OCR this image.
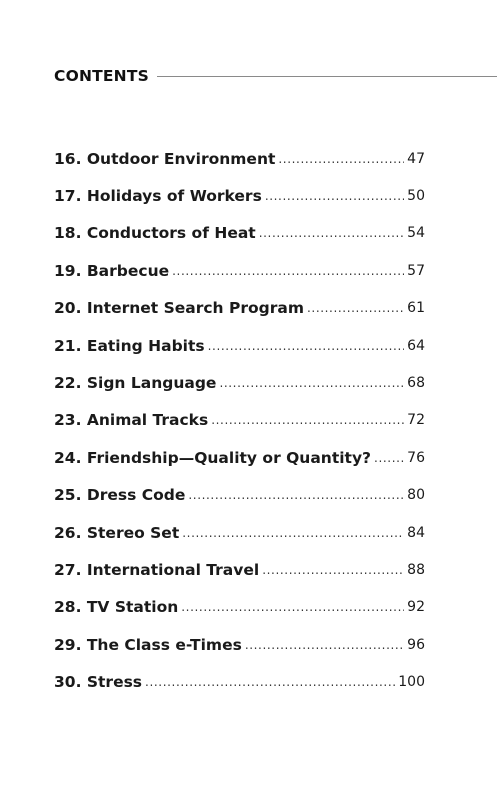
CONTENTS
16. Outdoor Environment .....	47
17. Holidays of Workers .....	50
18. Conductors of Heat .....	54
19. Barbecue .....	57
20. Internet Search Program .....	61
21. Eating Habits .....	64
22. Sign Language .....	68
23. Animal Tracks .....	72
24. Friendship—Quality or Quantity? .....	76
25. Dress Code .....	80
26. Stereo Set .....	84
27. International Travel .....	88
28. TV Station .....	92
29. The Class e-Times .....	96
30. Stress .....	100
